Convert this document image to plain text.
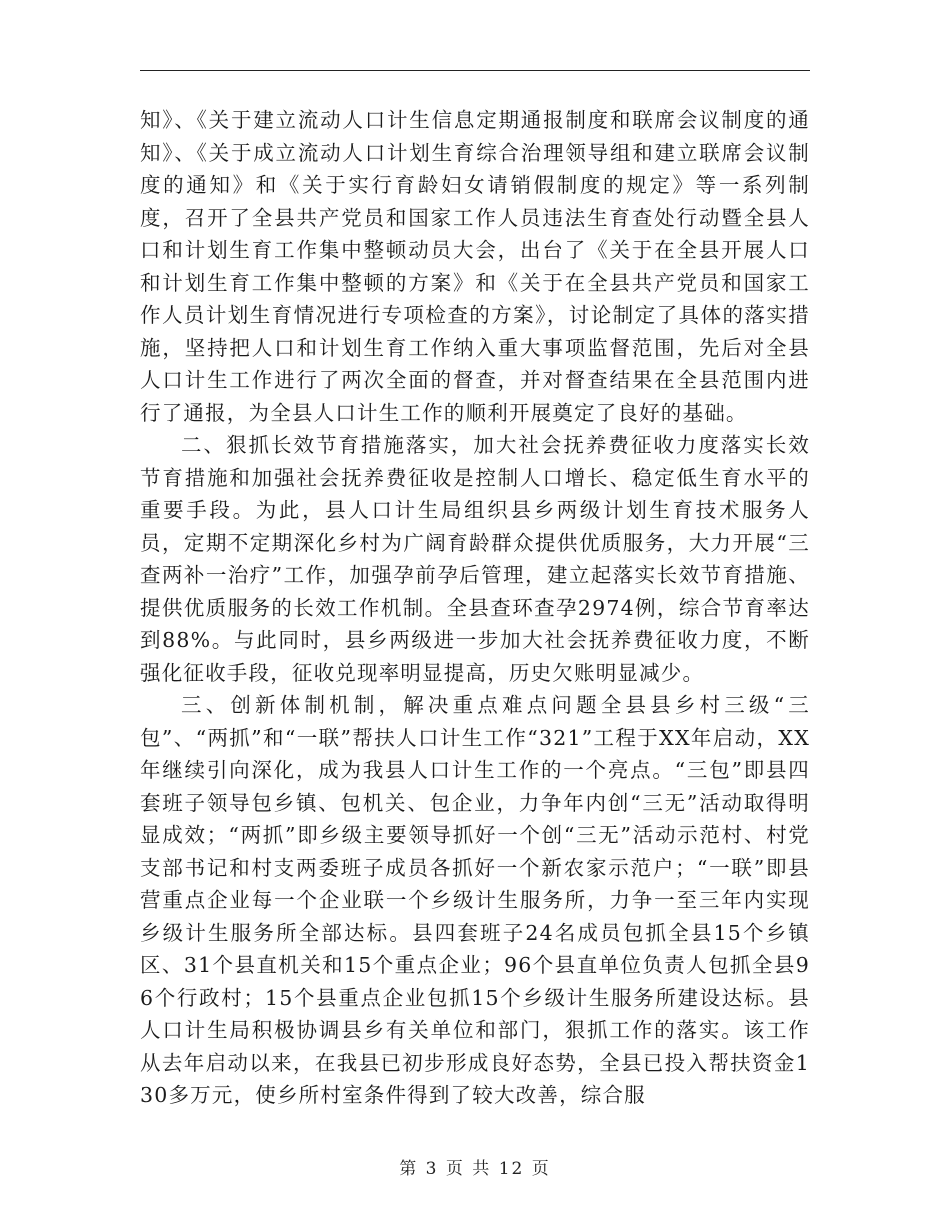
知》、《关于建立流动人口计生信息定期通报制度和联席会议制度的通知》、《关于成立流动人口计划生育综合治理领导组和建立联席会议制度的通知》和《关于实行育龄妇女请销假制度的规定》等一系列制度，召开了全县共产党员和国家工作人员违法生育查处行动暨全县人口和计划生育工作集中整顿动员大会，出台了《关于在全县开展人口和计划生育工作集中整顿的方案》和《关于在全县共产党员和国家工作人员计划生育情况进行专项检查的方案》，讨论制定了具体的落实措施，坚持把人口和计划生育工作纳入重大事项监督范围，先后对全县人口计生工作进行了两次全面的督查，并对督查结果在全县范围内进行了通报，为全县人口计生工作的顺利开展奠定了良好的基础。

二、狠抓长效节育措施落实，加大社会抚养费征收力度落实长效节育措施和加强社会抚养费征收是控制人口增长、稳定低生育水平的重要手段。为此，县人口计生局组织县乡两级计划生育技术服务人员，定期不定期深化乡村为广阔育龄群众提供优质服务，大力开展“三查两补一治疗”工作，加强孕前孕后管理，建立起落实长效节育措施、提供优质服务的长效工作机制。全县查环查孕2974例，综合节育率达到88%。与此同时，县乡两级进一步加大社会抚养费征收力度，不断强化征收手段，征收兑现率明显提高，历史欠账明显减少。

三、创新体制机制，解决重点难点问题全县县乡村三级“三包”、“两抓”和“一联”帮扶人口计生工作“321”工程于XX年启动，XX年继续引向深化，成为我县人口计生工作的一个亮点。“三包”即县四套班子领导包乡镇、包机关、包企业，力争年内创“三无”活动取得明显成效；“两抓”即乡级主要领导抓好一个创“三无”活动示范村、村党支部书记和村支两委班子成员各抓好一个新农家示范户；“一联”即县营重点企业每一个企业联一个乡级计生服务所，力争一至三年内实现乡级计生服务所全部达标。县四套班子24名成员包抓全县15个乡镇区、31个县直机关和15个重点企业；96个县直单位负责人包抓全县96个行政村；15个县重点企业包抓15个乡级计生服务所建设达标。县人口计生局积极协调县乡有关单位和部门，狠抓工作的落实。该工作从去年启动以来，在我县已初步形成良好态势，全县已投入帮扶资金130多万元，使乡所村室条件得到了较大改善，综合服

第 3 页 共 12 页
